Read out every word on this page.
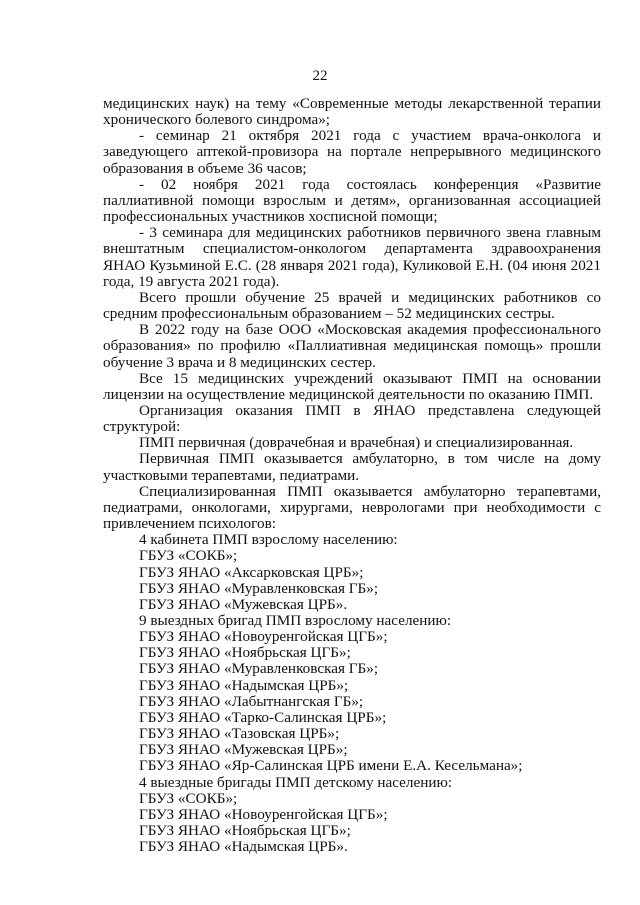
22

медицинских наук) на тему «Современные методы лекарственной терапии хронического болевого синдрома»;

- семинар 21 октября 2021 года с участием врача-онколога и заведующего аптекой-провизора на портале непрерывного медицинского образования в объеме 36 часов;

- 02 ноября 2021 года состоялась конференция «Развитие паллиативной помощи взрослым и детям», организованная ассоциацией профессиональных участников хосписной помощи;

- 3 семинара для медицинских работников первичного звена главным внештатным специалистом-онкологом департамента здравоохранения ЯНАО Кузьминой Е.С. (28 января 2021 года), Куликовой Е.Н. (04 июня 2021 года, 19 августа 2021 года).

Всего прошли обучение 25 врачей и медицинских работников со средним профессиональным образованием – 52 медицинских сестры.

В 2022 году на базе ООО «Московская академия профессионального образования» по профилю «Паллиативная медицинская помощь» прошли обучение 3 врача и 8 медицинских сестер.

Все 15 медицинских учреждений оказывают ПМП на основании лицензии на осуществление медицинской деятельности по оказанию ПМП.

Организация оказания ПМП в ЯНАО представлена следующей структурой:

ПМП первичная (доврачебная и врачебная) и специализированная.

Первичная ПМП оказывается амбулаторно, в том числе на дому участковыми терапевтами, педиатрами.

Специализированная ПМП оказывается амбулаторно терапевтами, педиатрами, онкологами, хирургами, неврологами при необходимости с привлечением психологов:

4 кабинета ПМП взрослому населению:
ГБУЗ «СОКБ»;
ГБУЗ ЯНАО «Аксарковская ЦРБ»;
ГБУЗ ЯНАО «Муравленковская ГБ»;
ГБУЗ ЯНАО «Мужевская ЦРБ».
9 выездных бригад ПМП взрослому населению:
ГБУЗ ЯНАО «Новоуренгойская ЦГБ»;
ГБУЗ ЯНАО «Ноябрьская ЦГБ»;
ГБУЗ ЯНАО «Муравленковская ГБ»;
ГБУЗ ЯНАО «Надымская ЦРБ»;
ГБУЗ ЯНАО «Лабытнангская ГБ»;
ГБУЗ ЯНАО «Тарко-Салинская ЦРБ»;
ГБУЗ ЯНАО «Тазовская ЦРБ»;
ГБУЗ ЯНАО «Мужевская ЦРБ»;
ГБУЗ ЯНАО «Яр-Салинская ЦРБ имени Е.А. Кесельмана»;
4 выездные бригады ПМП детскому населению:
ГБУЗ «СОКБ»;
ГБУЗ ЯНАО «Новоуренгойская ЦГБ»;
ГБУЗ ЯНАО «Ноябрьская ЦГБ»;
ГБУЗ ЯНАО «Надымская ЦРБ».
